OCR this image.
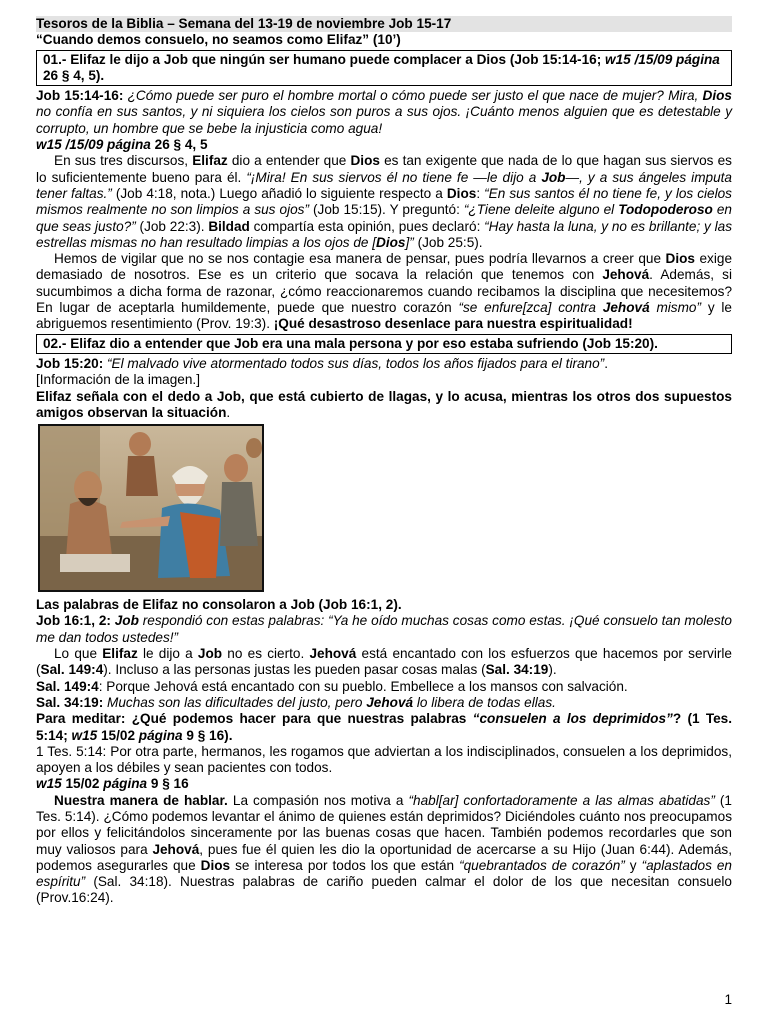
Tesoros de la Biblia – Semana del 13-19 de noviembre Job 15-17
“Cuando demos consuelo, no seamos como Elifaz” (10’)
01.- Elifaz le dijo a Job que ningún ser humano puede complacer a Dios (Job 15:14-16; w15 /15/09 página 26 § 4, 5).

Job 15:14-16: ¿Cómo puede ser puro el hombre mortal o cómo puede ser justo el que nace de mujer? Mira, Dios no confía en sus santos, y ni siquiera los cielos son puros a sus ojos. ¡Cuánto menos alguien que es detestable y corrupto, un hombre que se bebe la injusticia como agua!

w15 /15/09 página 26 § 4, 5

En sus tres discursos, Elifaz dio a entender que Dios es tan exigente que nada de lo que hagan sus siervos es lo suficientemente bueno para él. “¡Mira! En sus siervos él no tiene fe —le dijo a Job—, y a sus ángeles imputa tener faltas.” (Job 4:18, nota.) Luego añadió lo siguiente respecto a Dios: “En sus santos él no tiene fe, y los cielos mismos realmente no son limpios a sus ojos” (Job 15:15). Y preguntó: “¿Tiene deleite alguno el Todopoderoso en que seas justo?” (Job 22:3). Bildad compartía esta opinión, pues declaró: “Hay hasta la luna, y no es brillante; y las estrellas mismas no han resultado limpias a los ojos de [Dios]” (Job 25:5).

Hemos de vigilar que no se nos contagie esa manera de pensar, pues podría llevarnos a creer que Dios exige demasiado de nosotros. Ese es un criterio que socava la relación que tenemos con Jehová. Además, si sucumbimos a dicha forma de razonar, ¿cómo reaccionaremos cuando recibamos la disciplina que necesitemos? En lugar de aceptarla humildemente, puede que nuestro corazón “se enfure[zca] contra Jehová mismo” y le abriguemos resentimiento (Prov. 19:3). ¡Qué desastroso desenlace para nuestra espiritualidad!

02.- Elifaz dio a entender que Job era una mala persona y por eso estaba sufriendo (Job 15:20).

Job 15:20: “El malvado vive atormentado todos sus días, todos los años fijados para el tirano”.

[Información de la imagen.]

Elifaz señala con el dedo a Job, que está cubierto de llagas, y lo acusa, mientras los otros dos supuestos amigos observan la situación.

Las palabras de Elifaz no consolaron a Job (Job 16:1, 2).

Job 16:1, 2: Job respondió con estas palabras: “Ya he oído muchas cosas como estas. ¡Qué consuelo tan molesto me dan todos ustedes!”

Lo que Elifaz le dijo a Job no es cierto. Jehová está encantado con los esfuerzos que hacemos por servirle (Sal. 149:4). Incluso a las personas justas les pueden pasar cosas malas (Sal. 34:19).

Sal. 149:4: Porque Jehová está encantado con su pueblo. Embellece a los mansos con salvación.

Sal. 34:19: Muchas son las dificultades del justo, pero Jehová lo libera de todas ellas.

Para meditar: ¿Qué podemos hacer para que nuestras palabras “consuelen a los deprimidos”? (1 Tes. 5:14; w15 15/02 página 9 § 16).

1 Tes. 5:14: Por otra parte, hermanos, les rogamos que adviertan a los indisciplinados, consuelen a los deprimidos, apoyen a los débiles y sean pacientes con todos.

w15 15/02 página 9 § 16

Nuestra manera de hablar. La compasión nos motiva a “habl[ar] confortadoramente a las almas abatidas” (1 Tes. 5:14). ¿Cómo podemos levantar el ánimo de quienes están deprimidos? Diciéndoles cuánto nos preocupamos por ellos y felicitándolos sinceramente por las buenas cosas que hacen. También podemos recordarles que son muy valiosos para Jehová, pues fue él quien les dio la oportunidad de acercarse a su Hijo (Juan 6:44). Además, podemos asegurarles que Dios se interesa por todos los que están “quebrantados de corazón” y “aplastados en espíritu” (Sal. 34:18). Nuestras palabras de cariño pueden calmar el dolor de los que necesitan consuelo (Prov.16:24).

1
